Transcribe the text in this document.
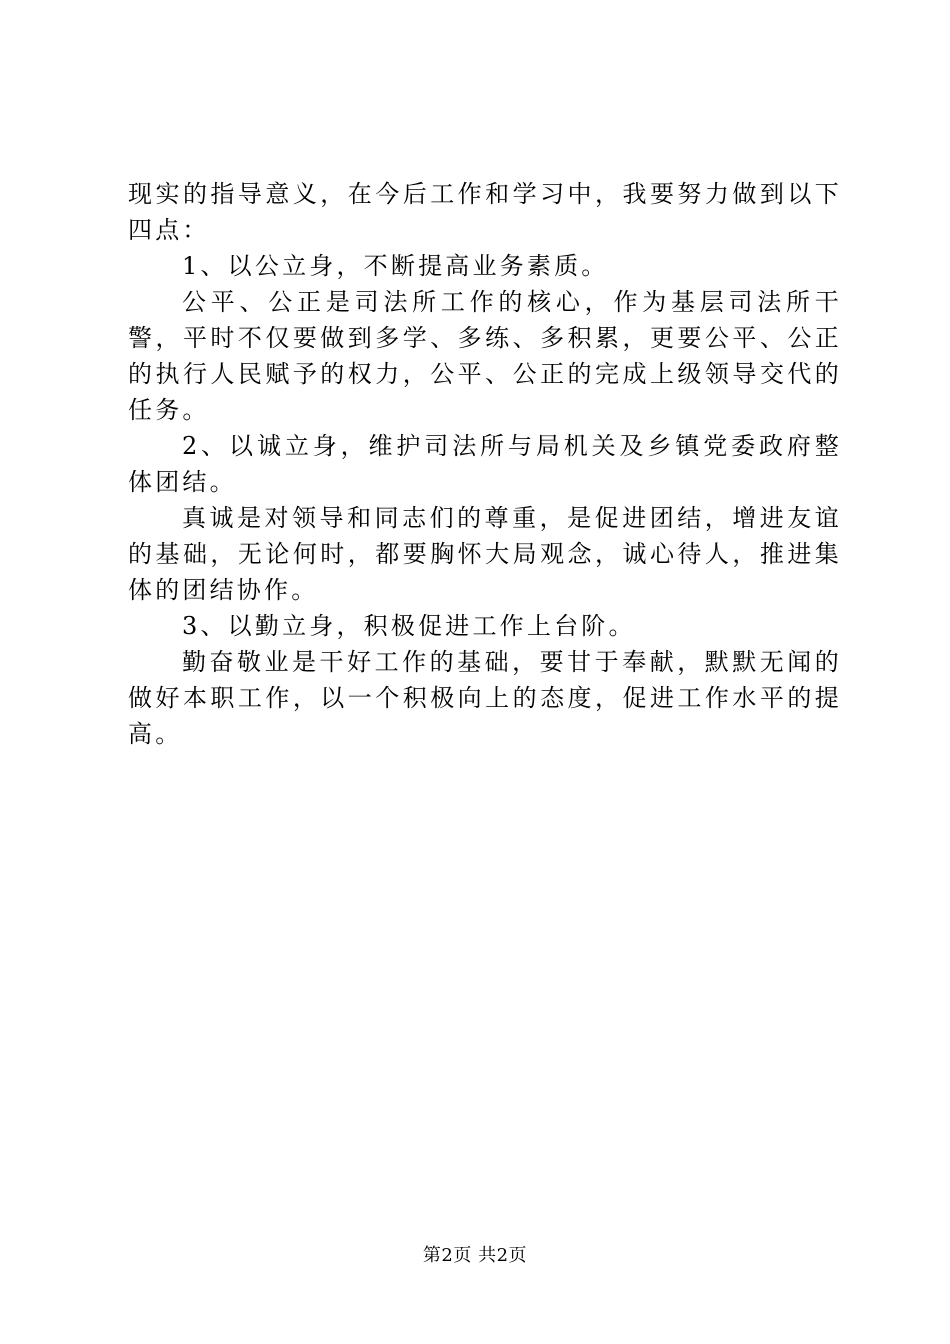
现实的指导意义，在今后工作和学习中，我要努力做到以下四点：

1、以公立身，不断提高业务素质。

公平、公正是司法所工作的核心，作为基层司法所干警，平时不仅要做到多学、多练、多积累，更要公平、公正的执行人民赋予的权力，公平、公正的完成上级领导交代的任务。

2、以诚立身，维护司法所与局机关及乡镇党委政府整体团结。

真诚是对领导和同志们的尊重，是促进团结，增进友谊的基础，无论何时，都要胸怀大局观念，诚心待人，推进集体的团结协作。

3、以勤立身，积极促进工作上台阶。

勤奋敬业是干好工作的基础，要甘于奉献，默默无闻的做好本职工作，以一个积极向上的态度，促进工作水平的提高。

第2页 共2页
